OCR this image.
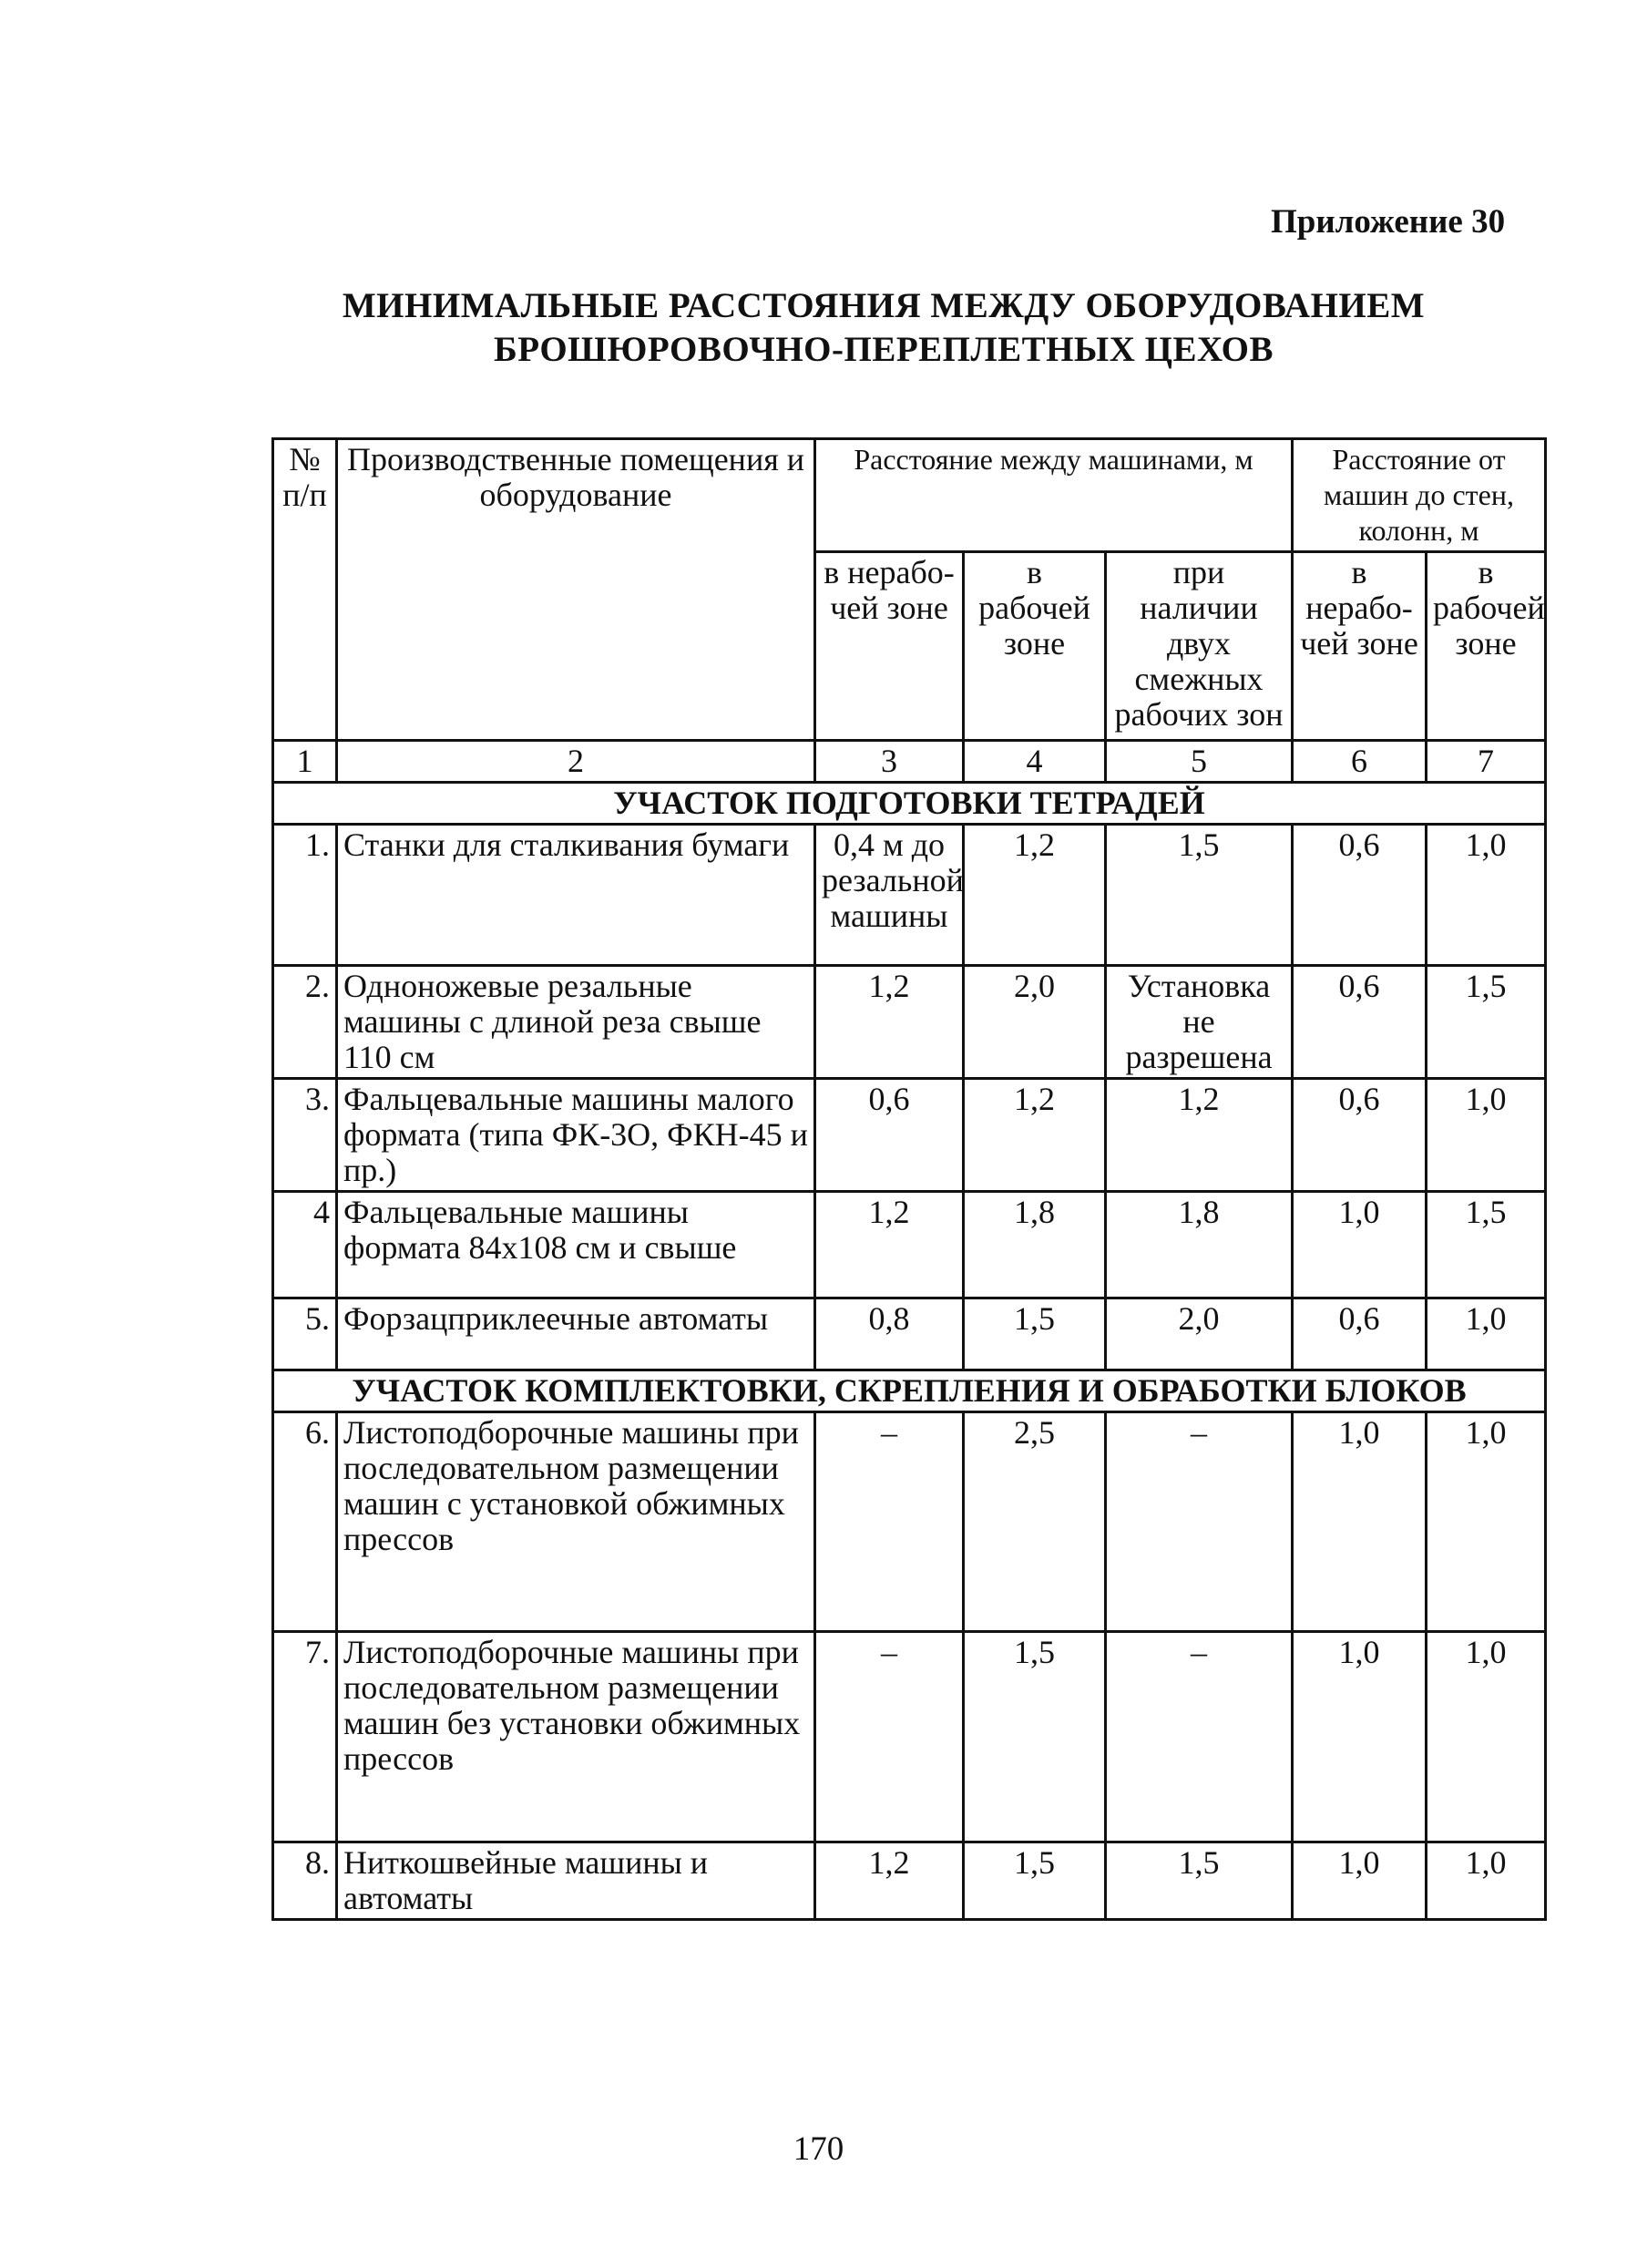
Приложение 30
МИНИМАЛЬНЫЕ РАССТОЯНИЯ МЕЖДУ ОБОРУДОВАНИЕМ
БРОШЮРОВОЧНО-ПЕРЕПЛЕТНЫХ ЦЕХОВ
№ п/п	Производственные помещения и оборудование	Расстояние между машинами, м			Расстояние от машин до стен, колонн, м	
		в нерабо- чей зоне	в рабочей зоне	при наличии двух смежных рабочих зон	в нерабо- чей зоне	в рабочей зоне
1	2	3	4	5	6	7
УЧАСТОК ПОДГОТОВКИ ТЕТРАДЕЙ						
1.	Станки для сталкивания бумаги	0,4 м до резальной машины	1,2	1,5	0,6	1,0
2.	Одноножевые резальные машины с длиной реза свыше 110 см	1,2	2,0	Установка не разрешена	0,6	1,5
3.	Фальцевальные машины малого формата (типа ФК-3О, ФКН-45 и пр.)	0,6	1,2	1,2	0,6	1,0
4	Фальцевальные машины формата 84x108 см и свыше	1,2	1,8	1,8	1,0	1,5
5.	Форзацприклеечные автоматы	0,8	1,5	2,0	0,6	1,0
УЧАСТОК КОМПЛЕКТОВКИ, СКРЕПЛЕНИЯ И ОБРАБОТКИ БЛОКОВ						
6.	Листоподборочные машины при последовательном размещении машин с установкой обжимных прессов	–	2,5	–	1,0	1,0
7.	Листоподборочные машины при последовательном размещении машин без установки обжимных прессов	–	1,5	–	1,0	1,0
8.	Ниткошвейные машины и автоматы	1,2	1,5	1,5	1,0	1,0
170
